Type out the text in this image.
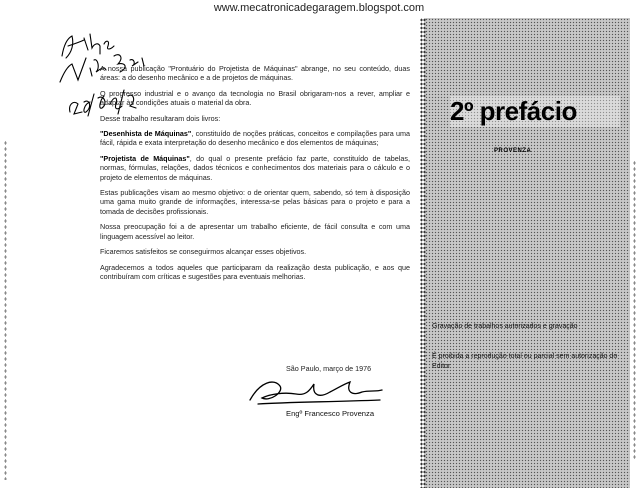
www.mecatronicadegaragem.blogspot.com
2º prefácio
PROVENZA
Gravação de trabalhos autorizados e gravação
É proibida a reprodução total ou parcial sem autorização do Editor

A nossa publicação "Prontuário do Projetista de Máquinas" abrange, no seu conteúdo, duas áreas: a do desenho mecânico e a de projetos de máquinas.

O progresso industrial e o avanço da tecnologia no Brasil obrigaram-nos a rever, ampliar e adaptar às condições atuais o material da obra.

Desse trabalho resultaram dois livros:

"Desenhista de Máquinas", constituído de noções práticas, conceitos e compilações para uma fácil, rápida e exata interpretação do desenho mecânico e dos elementos de máquinas;

"Projetista de Máquinas", do qual o presente prefácio faz parte, constituído de tabelas, normas, fórmulas, relações, dados técnicos e conhecimentos dos materiais para o cálculo e o projeto de elementos de máquinas.

Estas publicações visam ao mesmo objetivo: o de orientar quem, sabendo, só tem à disposição uma gama muito grande de informações, interessa-se pelas básicas para o projeto e para a tomada de decisões profissionais.

Nossa preocupação foi a de apresentar um trabalho eficiente, de fácil consulta e com uma linguagem acessível ao leitor.

Ficaremos satisfeitos se conseguirmos alcançar esses objetivos.

Agradecemos a todos aqueles que participaram da realização desta publicação, e aos que contribuíram com críticas e sugestões para eventuais melhorias.

São Paulo, março de 1976
Engº Francesco Provenza
